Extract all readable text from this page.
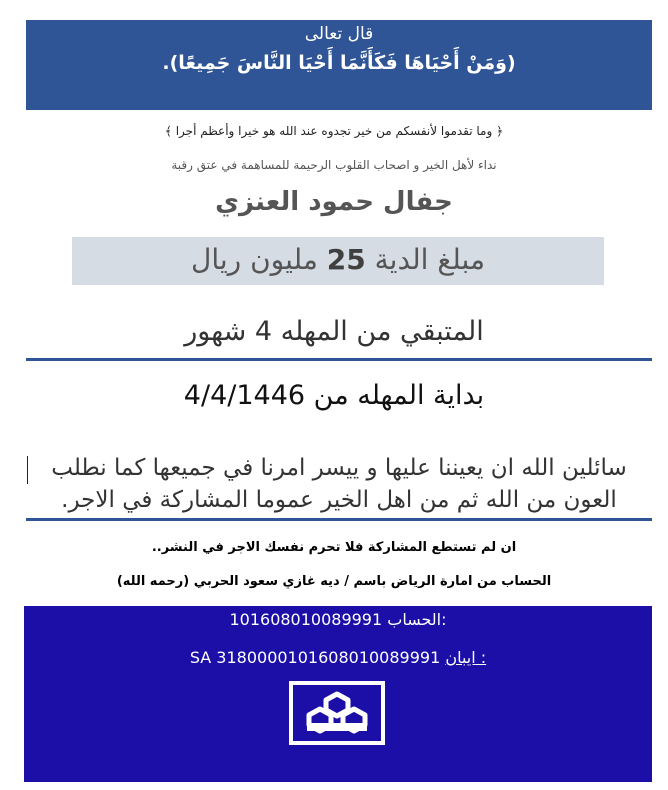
قال تعالى
(وَمَنْ أَحْيَاهَا فَكَأَنَّمَا أَحْيَا النَّاسَ جَمِيعًا).
﴿ وما تقدموا لأنفسكم من خير تجدوه عند الله هو خيرا وأعظم أجرا ﴾
نداء لأهل الخير و اصحاب القلوب الرحيمة للمساهمة في عتق رقبة
جفال حمود العنزي
مبلغ الدية 25 مليون ريال
المتبقي من المهله 4 شهور
بداية المهله من 4/4/1446
سائلين الله ان يعيننا عليها و ييسر امرنا في جميعها كما نطلب العون من الله ثم من اهل الخير عموما المشاركة في الاجر.
ان لم تستطع المشاركة فلا تحرم نفسك الاجر في النشر..
الحساب من امارة الرياض باسم / ديه غازي سعود الحربي (رحمه الله)
101608010089991 الحساب:
SA 3180000101608010089991 ايبان :
